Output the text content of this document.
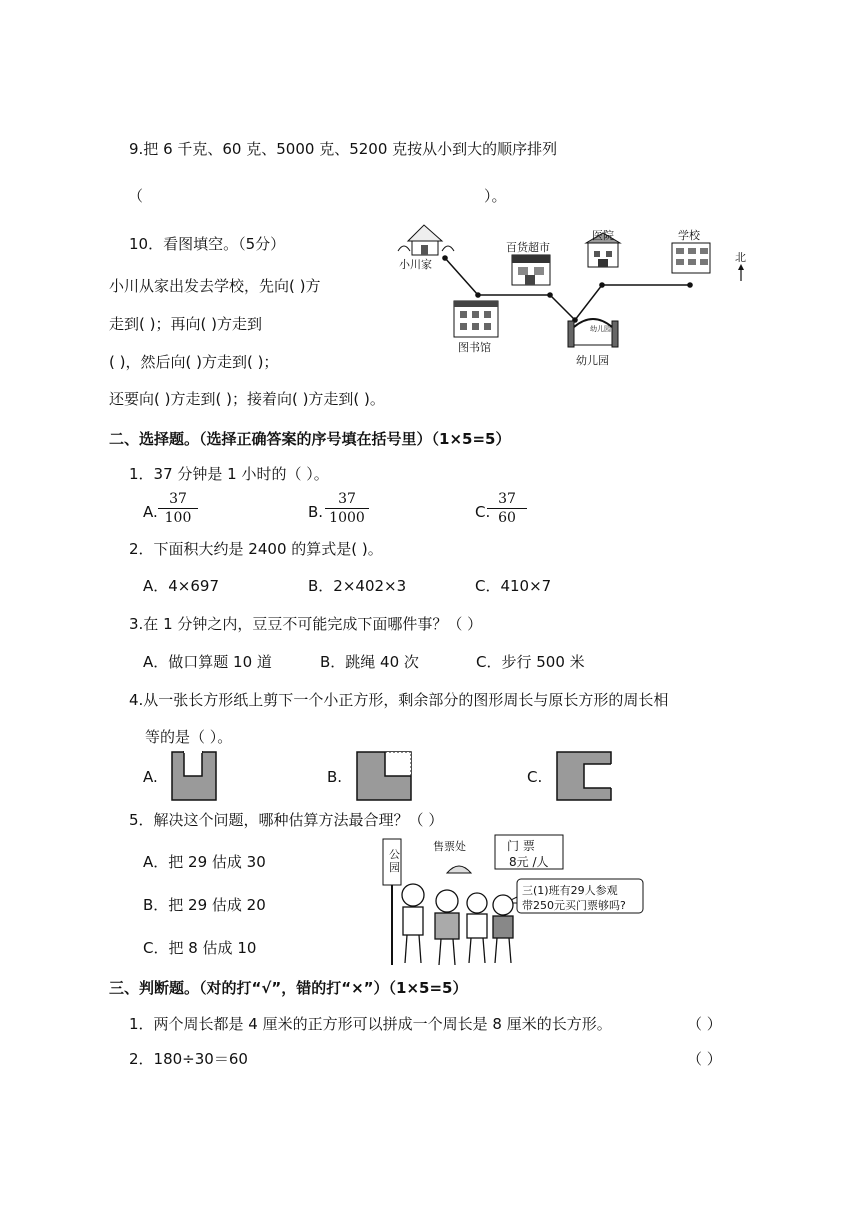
9.把 6 千克、60 克、5000 克、5200 克按从小到大的顺序排列
（	）。
10．看图填空。（5分）
小川从家出发去学校，先向( )方
走到( )；再向( )方走到
( )，然后向( )方走到( )；
还要向( )方走到( )；接着向( )方走到( )。
小川家
百货超市
医院	学校
北
图书馆
幼儿园
幼儿园
二、选择题。（选择正确答案的序号填在括号里）（1×5=5）
1．37 分钟是 1 小时的（ ）。
A. $\frac{37}{100}$	B. $\frac{37}{1000}$	C.
$\frac{37}{60}$
2．下面积大约是 2400 的算式是( )。
A．4×697	B．2×402×3	C．410×7
3.在 1 分钟之内，豆豆不可能完成下面哪件事？（ ）
A．做口算题 10 道	B．跳绳 40 次	C．步行 500 米
4.从一张长方形纸上剪下一个小正方形，剩余部分的图形周长与原长方形的周长相
等的是（ ）。
A.	B.	C.
5．解决这个问题，哪种估算方法最合理？（ ）
A．把 29 估成 30
B．把 29 估成 20
C．把 8 估成 10
公园
售票处	门 票
8元 /人
三(1)班有29人参观
带250元买门票够吗?
三、判断题。（对的打“√”，错的打“×”）（1×5=5）
1．两个周长都是 4 厘米的正方形可以拼成一个周长是 8 厘米的长方形。	（ ）
2．180÷30＝60	（ ）
